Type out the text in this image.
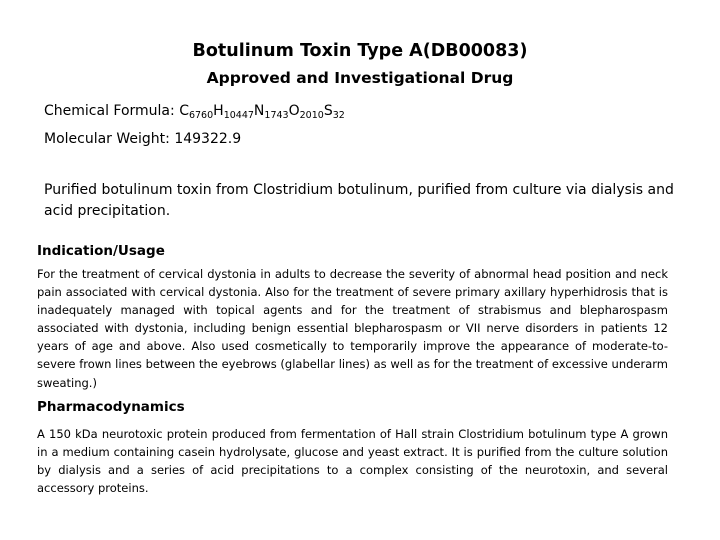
Botulinum Toxin Type A(DB00083)
Approved and Investigational Drug
Chemical Formula: $C_{6760}H_{10447}N_{1743}O_{2010}S_{32}$
Molecular Weight: 149322.9
Purified botulinum toxin from Clostridium botulinum, purified from culture via dialysis and acid precipitation.
Indication/Usage
For the treatment of cervical dystonia in adults to decrease the severity of abnormal head position and neck pain associated with cervical dystonia. Also for the treatment of severe primary axillary hyperhidrosis that is inadequately managed with topical agents and for the treatment of strabismus and blepharospasm associated with dystonia, including benign essential blepharospasm or VII nerve disorders in patients 12 years of age and above. Also used cosmetically to temporarily improve the appearance of moderate-to-severe frown lines between the eyebrows (glabellar lines) as well as for the treatment of excessive underarm sweating.)
Pharmacodynamics
A 150 kDa neurotoxic protein produced from fermentation of Hall strain Clostridium botulinum type A grown in a medium containing casein hydrolysate, glucose and yeast extract. It is purified from the culture solution by dialysis and a series of acid precipitations to a complex consisting of the neurotoxin, and several accessory proteins.
